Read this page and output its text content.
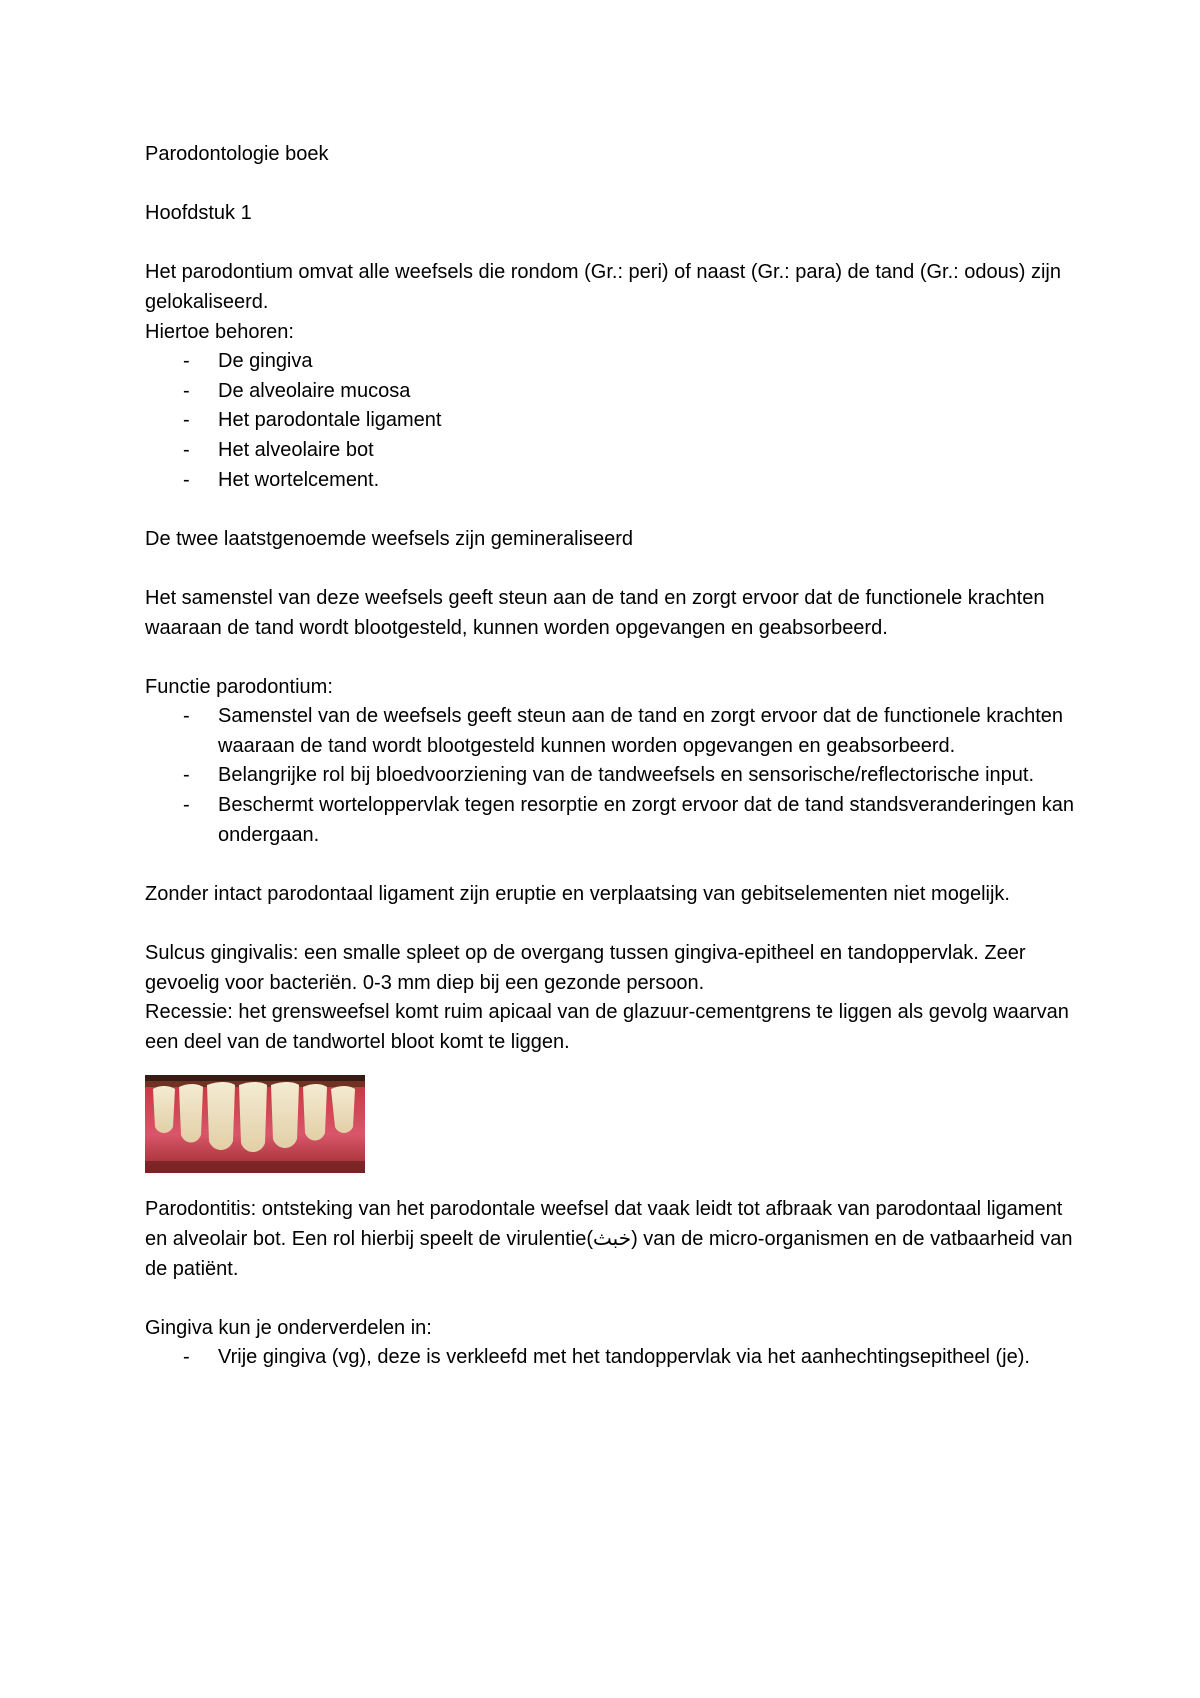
Parodontologie boek

Hoofdstuk 1

Het parodontium omvat alle weefsels die rondom (Gr.: peri) of naast (Gr.: para) de tand (Gr.: odous) zijn gelokaliseerd.

Hiertoe behoren:

- De gingiva
- De alveolaire mucosa
- Het parodontale ligament
- Het alveolaire bot
- Het wortelcement.

De twee laatstgenoemde weefsels zijn gemineraliseerd

Het samenstel van deze weefsels geeft steun aan de tand en zorgt ervoor dat de functionele krachten waaraan de tand wordt blootgesteld, kunnen worden opgevangen en geabsorbeerd.

Functie parodontium:

- Samenstel van de weefsels geeft steun aan de tand en zorgt ervoor dat de functionele krachten waaraan de tand wordt blootgesteld kunnen worden opgevangen en geabsorbeerd.
- Belangrijke rol bij bloedvoorziening van de tandweefsels en sensorische/reflectorische input.
- Beschermt worteloppervlak tegen resorptie en zorgt ervoor dat de tand standsveranderingen kan ondergaan.

Zonder intact parodontaal ligament zijn eruptie en verplaatsing van gebitselementen niet mogelijk.

Sulcus gingivalis: een smalle spleet op de overgang tussen gingiva-epitheel en tandoppervlak. Zeer gevoelig voor bacteriën. 0-3 mm diep bij een gezonde persoon.

Recessie: het grensweefsel komt ruim apicaal van de glazuur-cementgrens te liggen als gevolg waarvan een deel van de tandwortel bloot komt te liggen.

Parodontitis: ontsteking van het parodontale weefsel dat vaak leidt tot afbraak van parodontaal ligament en alveolair bot. Een rol hierbij speelt de virulentie(خبث) van de micro-organismen en de vatbaarheid van de patiënt.

Gingiva kun je onderverdelen in:

- Vrije gingiva (vg), deze is verkleefd met het tandoppervlak via het aanhechtingsepitheel (je).
